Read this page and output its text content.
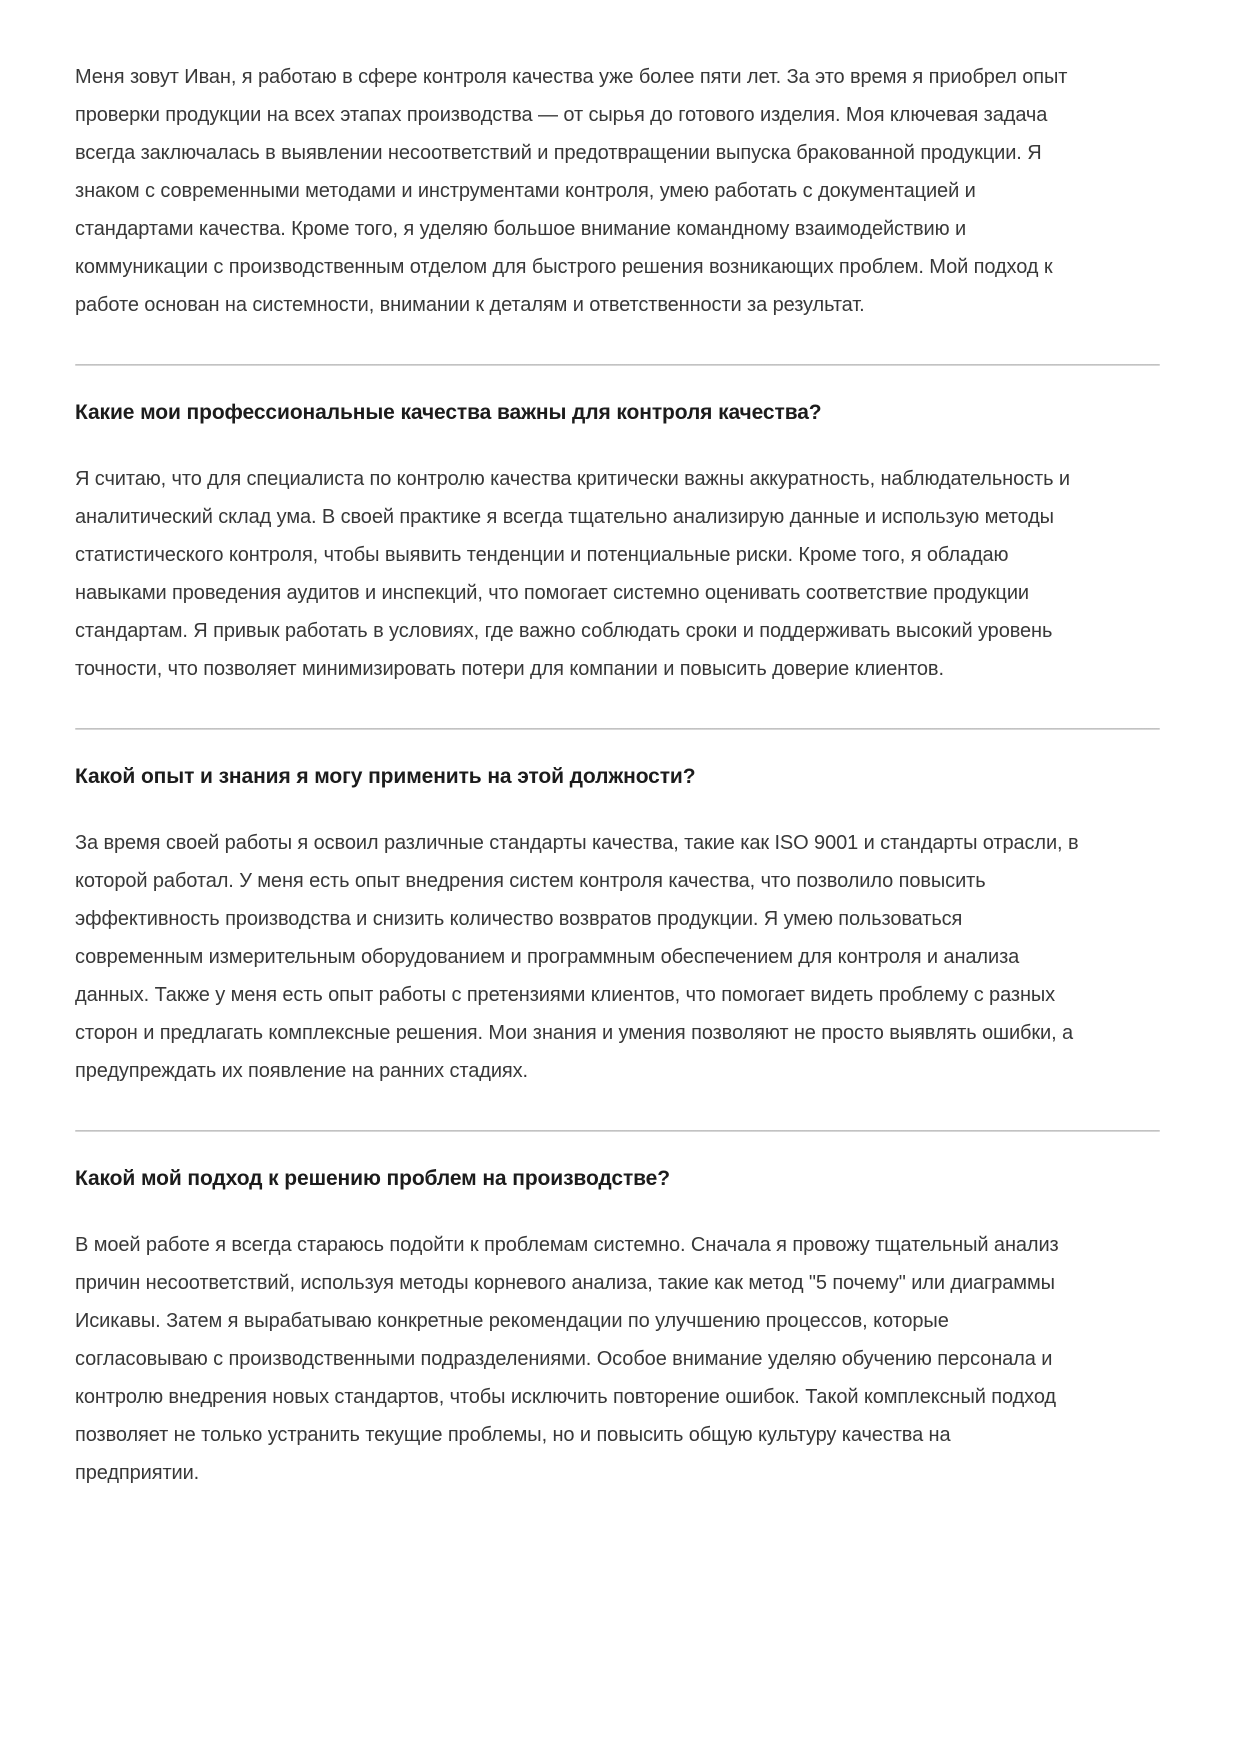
Меня зовут Иван, я работаю в сфере контроля качества уже более пяти лет. За это время я приобрел опыт проверки продукции на всех этапах производства — от сырья до готового изделия. Моя ключевая задача всегда заключалась в выявлении несоответствий и предотвращении выпуска бракованной продукции. Я знаком с современными методами и инструментами контроля, умею работать с документацией и стандартами качества. Кроме того, я уделяю большое внимание командному взаимодействию и коммуникации с производственным отделом для быстрого решения возникающих проблем. Мой подход к работе основан на системности, внимании к деталям и ответственности за результат.

Какие мои профессиональные качества важны для контроля качества?

Я считаю, что для специалиста по контролю качества критически важны аккуратность, наблюдательность и аналитический склад ума. В своей практике я всегда тщательно анализирую данные и использую методы статистического контроля, чтобы выявить тенденции и потенциальные риски. Кроме того, я обладаю навыками проведения аудитов и инспекций, что помогает системно оценивать соответствие продукции стандартам. Я привык работать в условиях, где важно соблюдать сроки и поддерживать высокий уровень точности, что позволяет минимизировать потери для компании и повысить доверие клиентов.

Какой опыт и знания я могу применить на этой должности?

За время своей работы я освоил различные стандарты качества, такие как ISO 9001 и стандарты отрасли, в которой работал. У меня есть опыт внедрения систем контроля качества, что позволило повысить эффективность производства и снизить количество возвратов продукции. Я умею пользоваться современным измерительным оборудованием и программным обеспечением для контроля и анализа данных. Также у меня есть опыт работы с претензиями клиентов, что помогает видеть проблему с разных сторон и предлагать комплексные решения. Мои знания и умения позволяют не просто выявлять ошибки, а предупреждать их появление на ранних стадиях.

Какой мой подход к решению проблем на производстве?

В моей работе я всегда стараюсь подойти к проблемам системно. Сначала я провожу тщательный анализ причин несоответствий, используя методы корневого анализа, такие как метод "5 почему" или диаграммы Исикавы. Затем я вырабатываю конкретные рекомендации по улучшению процессов, которые согласовываю с производственными подразделениями. Особое внимание уделяю обучению персонала и контролю внедрения новых стандартов, чтобы исключить повторение ошибок. Такой комплексный подход позволяет не только устранить текущие проблемы, но и повысить общую культуру качества на предприятии.
